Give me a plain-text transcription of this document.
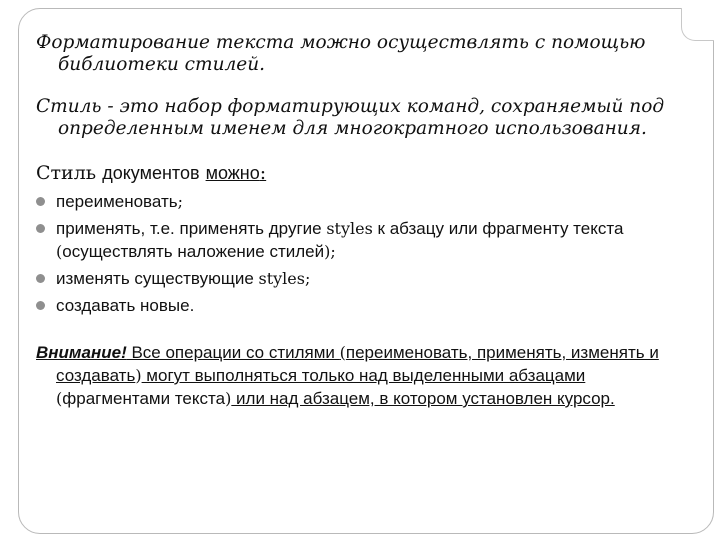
Форматирование текста можно осуществлять с помощью библиотеки стилей.

Стиль - это набор форматирующих команд, сохраняемый под определенным именем для многократного использования.

Стиль документов можно:
переименовать;
применять, т.е. применять другие styles к абзацу или фрагменту текста (осуществлять наложение стилей);
изменять существующие styles;
создавать новые.
Внимание! Все операции со стилями (переименовать, применять, изменять и создавать) могут выполняться только над выделенными абзацами (фрагментами текста) или над абзацем, в котором установлен курсор.
